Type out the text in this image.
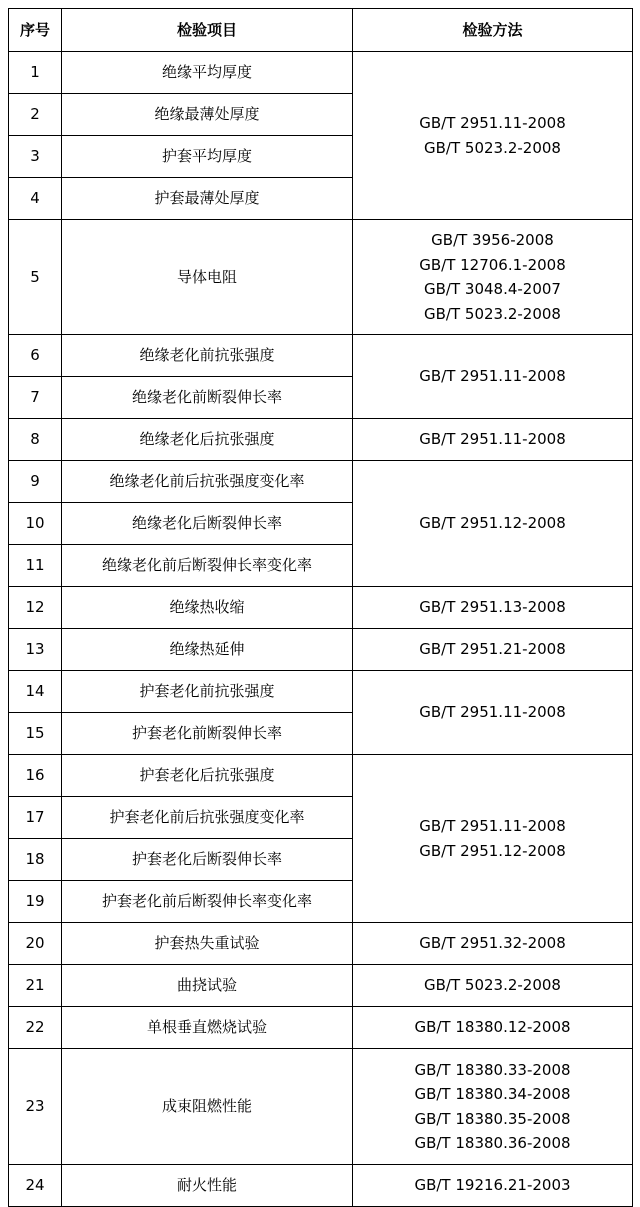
序号	检验项目	检验方法
1	绝缘平均厚度	GB/T 2951.11-2008
GB/T 5023.2-2008
2	绝缘最薄处厚度	
3	护套平均厚度	
4	护套最薄处厚度	
5	导体电阻	GB/T 3956-2008
GB/T 12706.1-2008
GB/T 3048.4-2007
GB/T 5023.2-2008
6	绝缘老化前抗张强度	GB/T 2951.11-2008
7	绝缘老化前断裂伸长率	
8	绝缘老化后抗张强度	GB/T 2951.11-2008
9	绝缘老化前后抗张强度变化率	GB/T 2951.12-2008
10	绝缘老化后断裂伸长率	
11	绝缘老化前后断裂伸长率变化率	
12	绝缘热收缩	GB/T 2951.13-2008
13	绝缘热延伸	GB/T 2951.21-2008
14	护套老化前抗张强度	GB/T 2951.11-2008
15	护套老化前断裂伸长率	
16	护套老化后抗张强度	GB/T 2951.11-2008
GB/T 2951.12-2008
17	护套老化前后抗张强度变化率	
18	护套老化后断裂伸长率	
19	护套老化前后断裂伸长率变化率	
20	护套热失重试验	GB/T 2951.32-2008
21	曲挠试验	GB/T 5023.2-2008
22	单根垂直燃烧试验	GB/T 18380.12-2008
23	成束阻燃性能	GB/T 18380.33-2008
GB/T 18380.34-2008
GB/T 18380.35-2008
GB/T 18380.36-2008
24	耐火性能	GB/T 19216.21-2003
